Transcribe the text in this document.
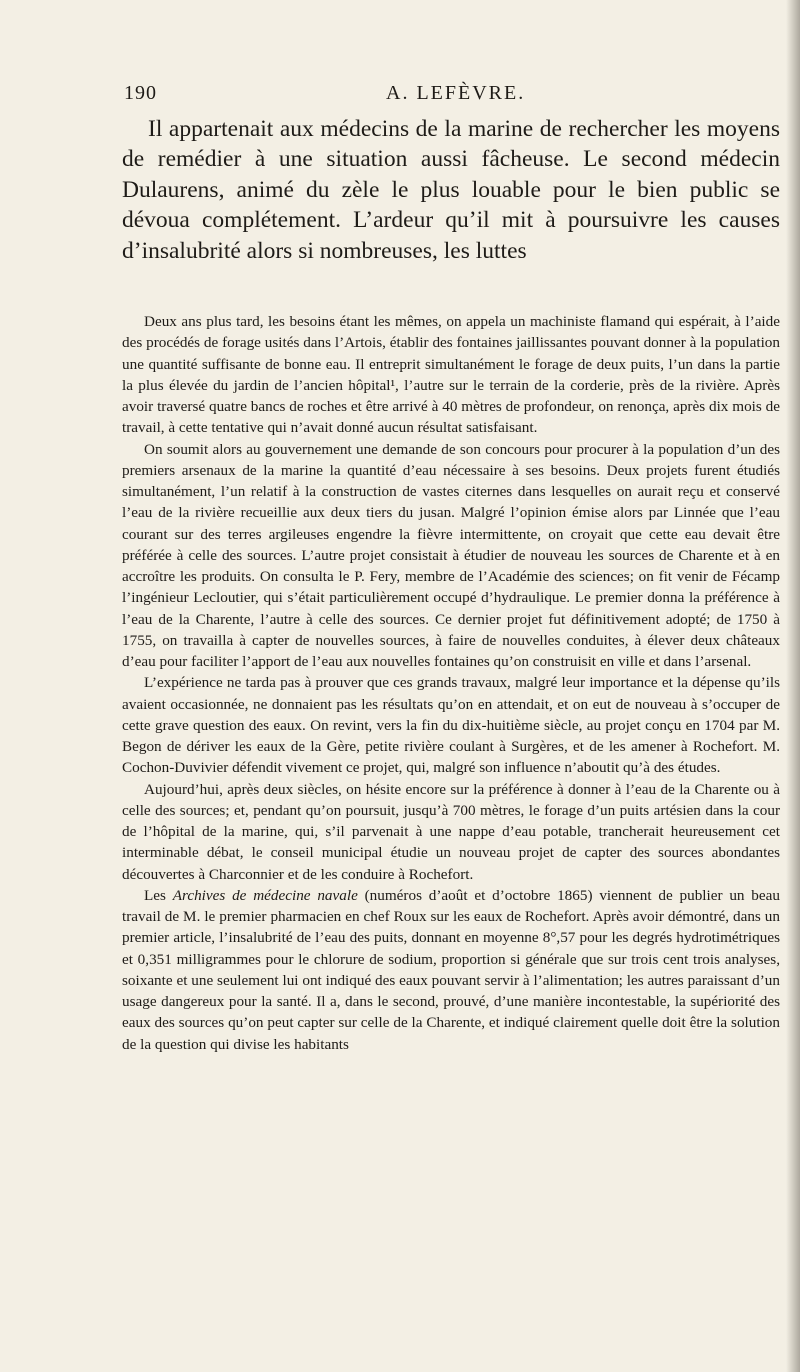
190	A. LEFÈVRE.

Il appartenait aux médecins de la marine de rechercher les moyens de remédier à une situation aussi fâcheuse. Le second médecin Dulaurens, animé du zèle le plus louable pour le bien public se dévoua complétement. L’ardeur qu’il mit à poursuivre les causes d’insalubrité alors si nombreuses, les luttes

Deux ans plus tard, les besoins étant les mêmes, on appela un machiniste flamand qui espérait, à l’aide des procédés de forage usités dans l’Artois, établir des fontaines jaillissantes pouvant donner à la population une quantité suffisante de bonne eau. Il entreprit simultanément le forage de deux puits, l’un dans la partie la plus élevée du jardin de l’ancien hôpital¹, l’autre sur le terrain de la corderie, près de la rivière. Après avoir traversé quatre bancs de roches et être arrivé à 40 mètres de profondeur, on renonça, après dix mois de travail, à cette tentative qui n’avait donné aucun résultat satisfaisant.

On soumit alors au gouvernement une demande de son concours pour procurer à la population d’un des premiers arsenaux de la marine la quantité d’eau nécessaire à ses besoins. Deux projets furent étudiés simultanément, l’un relatif à la construction de vastes citernes dans lesquelles on aurait reçu et conservé l’eau de la rivière recueillie aux deux tiers du jusan. Malgré l’opinion émise alors par Linnée que l’eau courant sur des terres argileuses engendre la fièvre intermittente, on croyait que cette eau devait être préférée à celle des sources. L’autre projet consistait à étudier de nouveau les sources de Charente et à en accroître les produits. On consulta le P. Fery, membre de l’Académie des sciences; on fit venir de Fécamp l’ingénieur Lecloutier, qui s’était particulièrement occupé d’hydraulique. Le premier donna la préférence à l’eau de la Charente, l’autre à celle des sources. Ce dernier projet fut définitivement adopté; de 1750 à 1755, on travailla à capter de nouvelles sources, à faire de nouvelles conduites, à élever deux châteaux d’eau pour faciliter l’apport de l’eau aux nouvelles fontaines qu’on construisit en ville et dans l’arsenal.

L’expérience ne tarda pas à prouver que ces grands travaux, malgré leur importance et la dépense qu’ils avaient occasionnée, ne donnaient pas les résultats qu’on en attendait, et on eut de nouveau à s’occuper de cette grave question des eaux. On revint, vers la fin du dix-huitième siècle, au projet conçu en 1704 par M. Begon de dériver les eaux de la Gère, petite rivière coulant à Surgères, et de les amener à Rochefort. M. Cochon-Duvivier défendit vivement ce projet, qui, malgré son influence n’aboutit qu’à des études.

Aujourd’hui, après deux siècles, on hésite encore sur la préférence à donner à l’eau de la Charente ou à celle des sources; et, pendant qu’on poursuit, jusqu’à 700 mètres, le forage d’un puits artésien dans la cour de l’hôpital de la marine, qui, s’il parvenait à une nappe d’eau potable, trancherait heureusement cet interminable débat, le conseil municipal étudie un nouveau projet de capter des sources abondantes découvertes à Charconnier et de les conduire à Rochefort.

Les Archives de médecine navale (numéros d’août et d’octobre 1865) viennent de publier un beau travail de M. le premier pharmacien en chef Roux sur les eaux de Rochefort. Après avoir démontré, dans un premier article, l’insalubrité de l’eau des puits, donnant en moyenne 8°,57 pour les degrés hydrotimétriques et 0,351 milligrammes pour le chlorure de sodium, proportion si générale que sur trois cent trois analyses, soixante et une seulement lui ont indiqué des eaux pouvant servir à l’alimentation; les autres paraissant d’un usage dangereux pour la santé. Il a, dans le second, prouvé, d’une manière incontestable, la supériorité des eaux des sources qu’on peut capter sur celle de la Charente, et indiqué clairement quelle doit être la solution de la question qui divise les habitants
